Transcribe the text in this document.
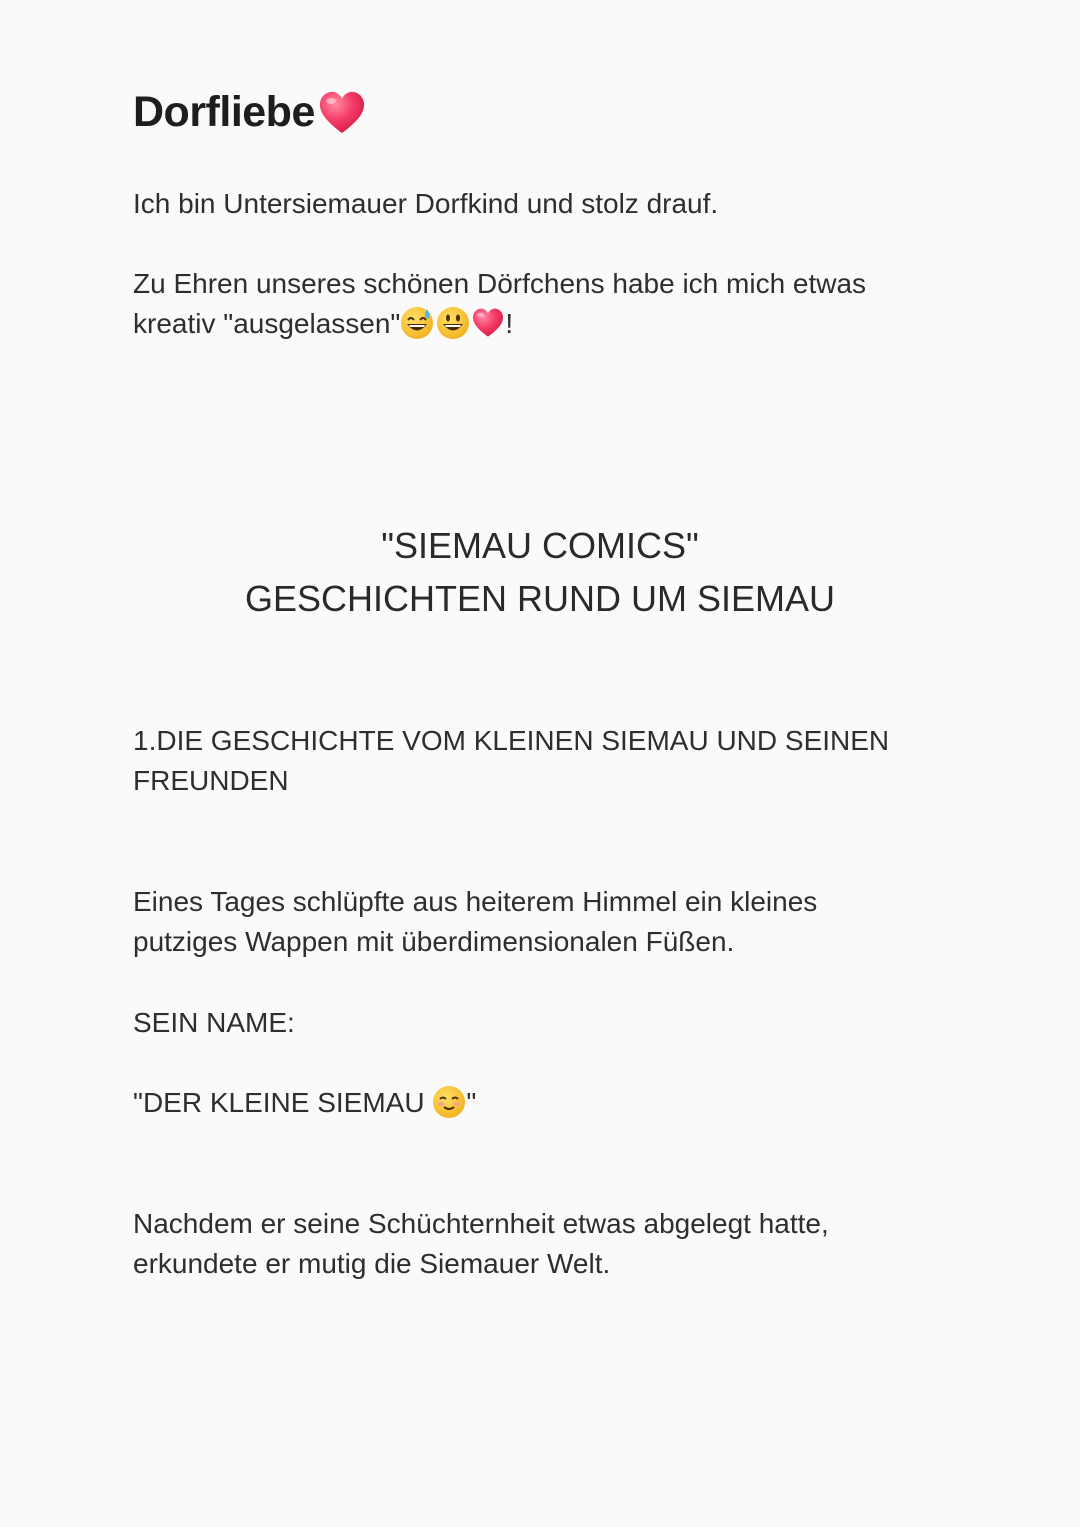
Dorfliebe
Ich bin Untersiemauer Dorfkind und stolz drauf.
Zu Ehren unseres schönen Dörfchens habe ich mich etwas
kreativ "ausgelassen"	!
"SIEMAU COMICS"
GESCHICHTEN RUND UM SIEMAU
1.DIE GESCHICHTE VOM KLEINEN SIEMAU UND SEINEN
FREUNDEN
Eines Tages schlüpfte aus heiterem Himmel ein kleines
putziges Wappen mit überdimensionalen Füßen.
SEIN NAME:
"DER KLEINE SIEMAU "
Nachdem er seine Schüchternheit etwas abgelegt hatte,
erkundete er mutig die Siemauer Welt.
